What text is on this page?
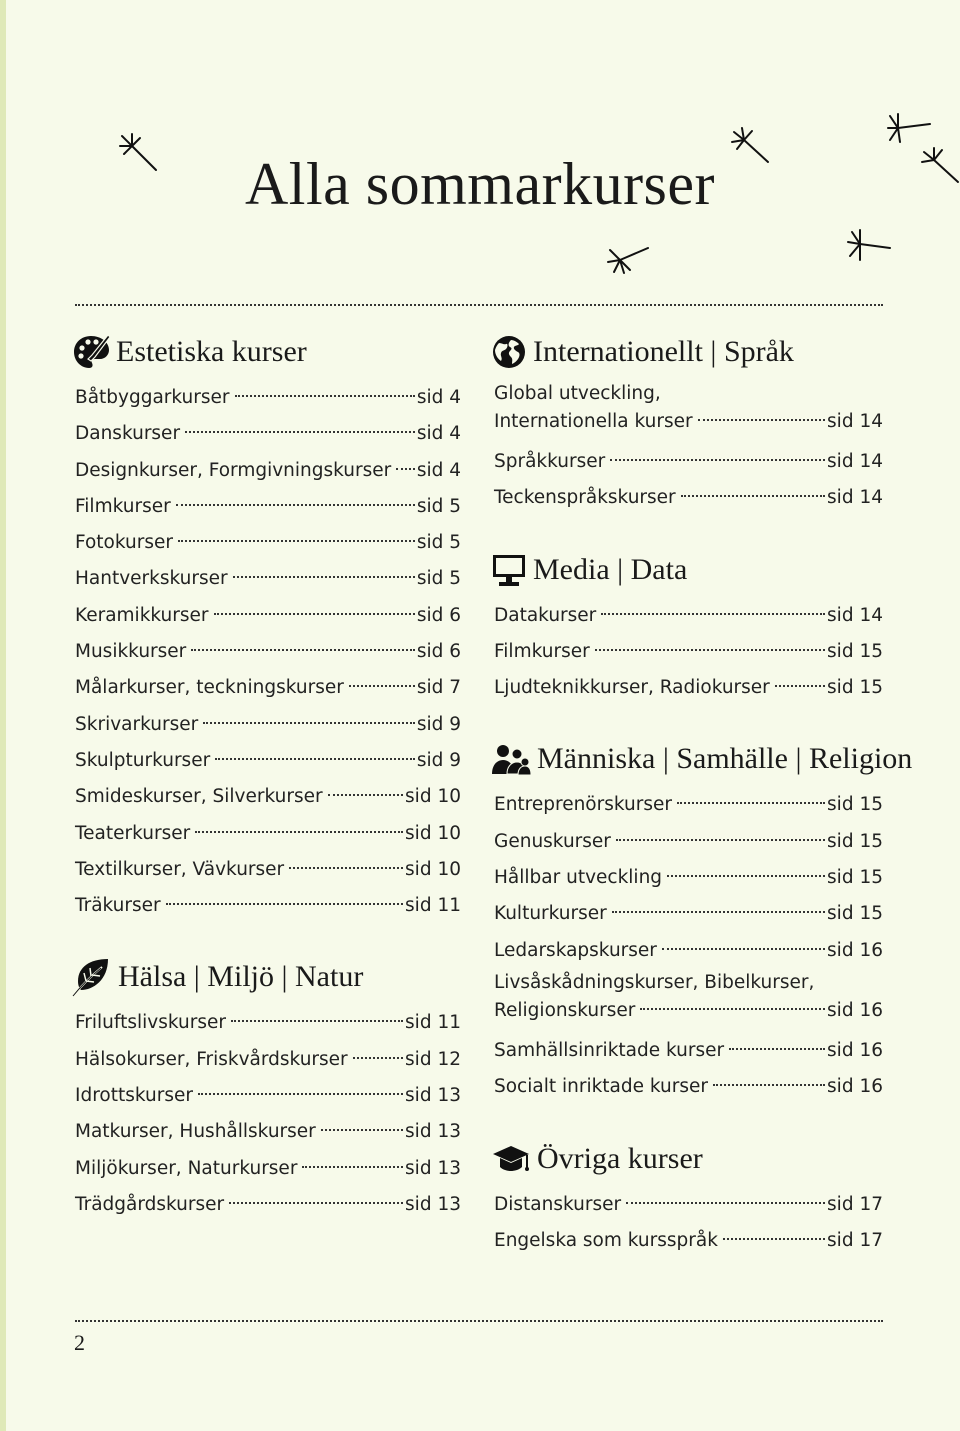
Alla sommarkurser
Estetiska kurser
Båtbyggarkurser	sid 4
Danskurser	sid 4
Designkurser, Formgivningskurser sid 4
Filmkurser	sid 5
Fotokurser	sid 5
Hantverkskurser	sid 5
Keramikkurser	sid 6
Musikkurser	sid 6
Målarkurser, teckningskurser	sid 7
Skrivarkurser	sid 9
Skulpturkurser	sid 9
Smideskurser, Silverkurser	sid 10
Teaterkurser	sid 10
Textilkurser, Vävkurser	sid 10
Träkurser	sid 11
Hälsa | Miljö | Natur
Friluftslivskurser	sid 11
Hälsokurser, Friskvårdskurser	sid 12
Idrottskurser	sid 13
Matkurser, Hushållskurser	sid 13
Miljökurser, Naturkurser	sid 13
Trädgårdskurser	sid 13
Internationellt | Språk
Global utveckling,
Internationella kurser	sid 14
Språkkurser	sid 14
Teckenspråkskurser	sid 14
Media | Data
Datakurser	sid 14
Filmkurser	sid 15
Ljudteknikkurser, Radiokurser	sid 15
Människa | Samhälle | Religion
Entreprenörskurser	sid 15
Genuskurser	sid 15
Hållbar utveckling	sid 15
Kulturkurser	sid 15
Ledarskapskurser	sid 16
Livsåskådningskurser, Bibelkurser,
Religionskurser	sid 16
Samhällsinriktade kurser	sid 16
Socialt inriktade kurser	sid 16
Övriga kurser
Distanskurser	sid 17
Engelska som kursspråk	sid 17
2
